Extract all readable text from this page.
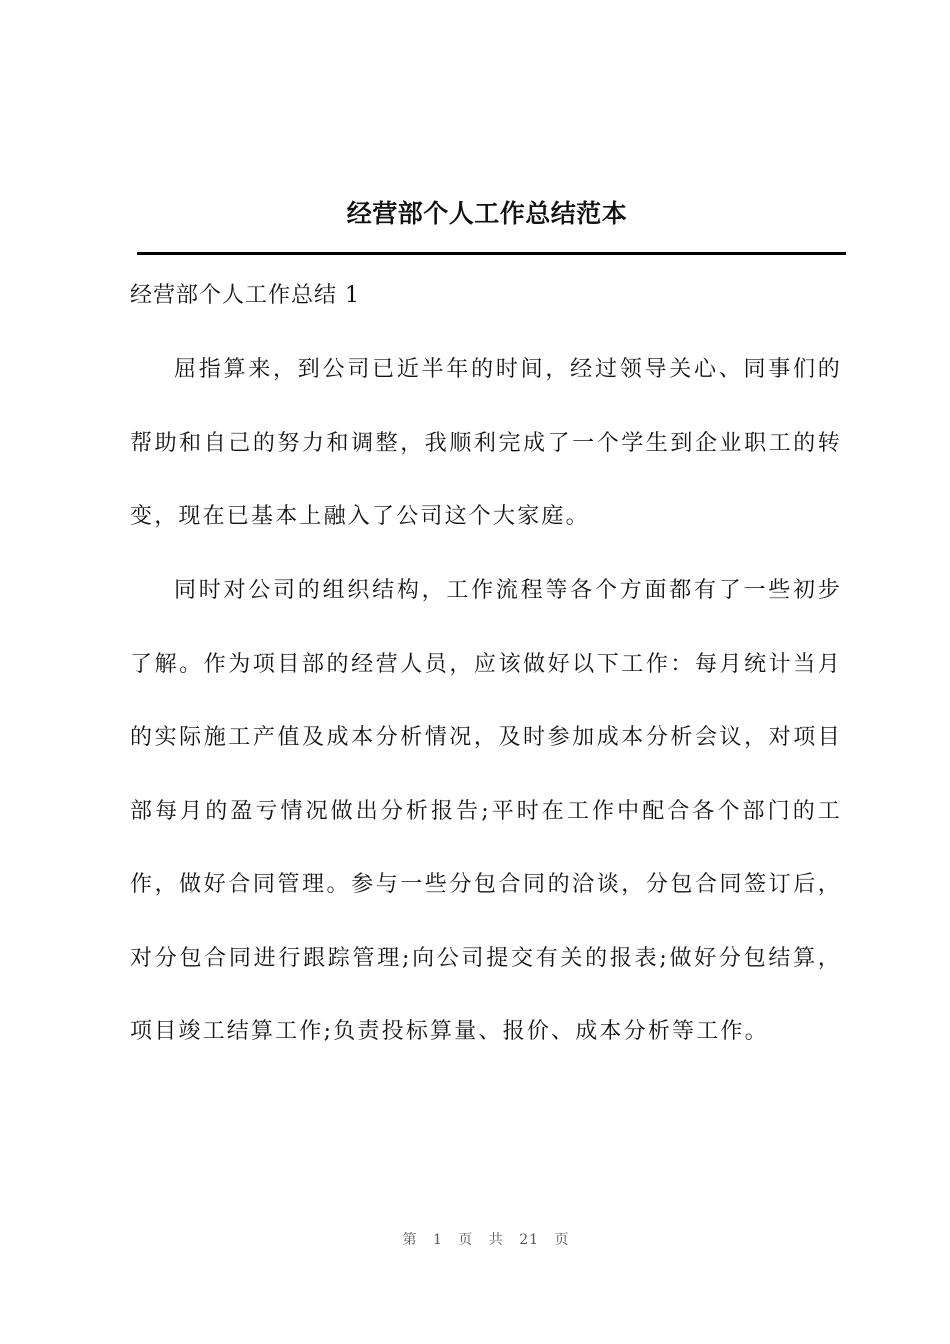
经营部个人工作总结范本
经营部个人工作总结 1

屈指算来，到公司已近半年的时间，经过领导关心、同事们的帮助和自己的努力和调整，我顺利完成了一个学生到企业职工的转变，现在已基本上融入了公司这个大家庭。

同时对公司的组织结构，工作流程等各个方面都有了一些初步了解。作为项目部的经营人员，应该做好以下工作：每月统计当月的实际施工产值及成本分析情况，及时参加成本分析会议，对项目部每月的盈亏情况做出分析报告;平时在工作中配合各个部门的工作，做好合同管理。参与一些分包合同的洽谈，分包合同签订后，对分包合同进行跟踪管理;向公司提交有关的报表;做好分包结算，项目竣工结算工作;负责投标算量、报价、成本分析等工作。

第 1 页 共 21 页
